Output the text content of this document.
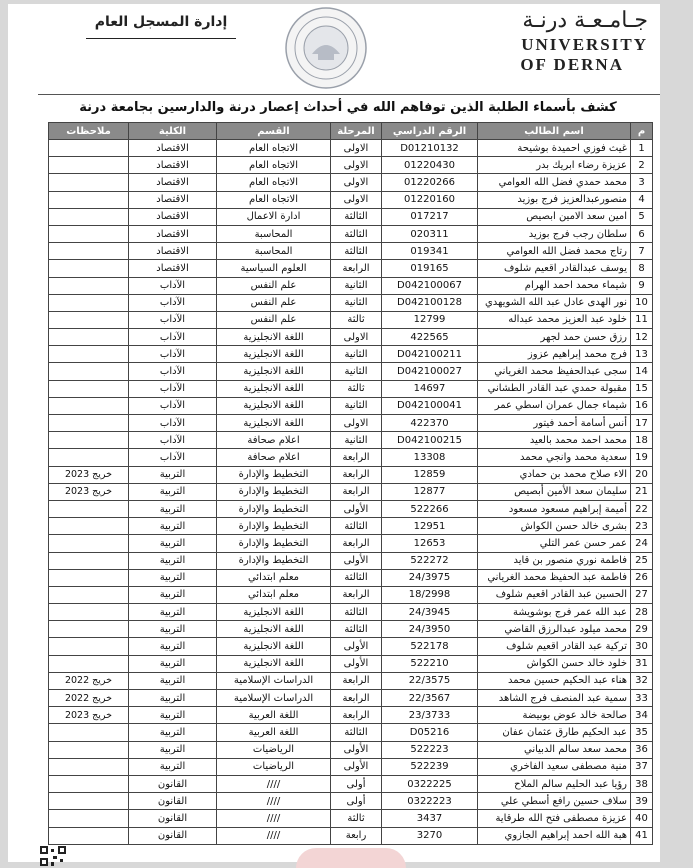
إدارة المسجل العام	جـامـعـة درنـة
UNIVERSITY
OF DERNA
كشف بأسماء الطلبة الذين توفاهم الله في أحداث إعصار درنة والدارسين بجامعة درنة
م	اسم الطالب	الرقم الدراسي	المرحلة	القسم	الكلية	ملاحظات
1	غيث فوزي احميدة بوشيحة	D01210132	الاولى	الاتجاه العام	الاقتصاد	
2	عزيزة رضاء ابريك بدر	01220430	الاولى	الاتجاه العام	الاقتصاد	
3	محمد حمدي فضل الله العوامي	01220266	الاولى	الاتجاه العام	الاقتصاد	
4	منصورعبدالعزيز فرج بوزيد	01220160	الاولى	الاتجاه العام	الاقتصاد	
5	امين سعد الامين ابصيص	017217	الثالثة	ادارة الاعمال	الاقتصاد	
6	سلطان رجب فرج بوزيد	020311	الثالثة	المحاسبة	الاقتصاد	
7	رتاج محمد فضل الله العوامي	019341	الثالثة	المحاسبة	الاقتصاد	
8	يوسف عبدالقادر اقعيم شلوف	019165	الرابعة	العلوم السياسية	الاقتصاد	
9	شيماء محمد احمد الهرام	D042100067	الثانية	علم النفس	الآداب	
10	نور الهدى عادل عبد الله الشويهدي	D042100128	الثانية	علم النفس	الآداب	
11	خلود عبد العزيز محمد عبداله	12799	ثالثة	علم النفس	الآداب	
12	رزق حسن حمد لجهر	422565	الاولى	اللغة الانجليزية	الآداب	
13	فرج محمد إبراهيم عزوز	D042100211	الثانية	اللغة الانجليزية	الآداب	
14	سجى عبدالحفيظ محمد الغرياني	D042100027	الثانية	اللغة الانجليزية	الآداب	
15	مقبولة حمدي عبد القادر الطشاني	14697	ثالثة	اللغة الانجليزية	الآداب	
16	شيماء جمال عمران اسطي عمر	D042100041	الثانية	اللغة الانجليزية	الآداب	
17	أنس أسامة أحمد فيتور	422370	الاولى	اللغة الانجليزية	الآداب	
18	محمد احمد محمد بالعيد	D042100215	الثانية	اعلام صحافة	الآداب	
19	سعدية محمد وانجي محمد	13308	الرابعة	اعلام صحافة	الآداب	
20	الاء صلاح محمد بن حمادي	12859	الرابعة	التخطيط والإدارة	التربية	خريج 2023
21	سليمان سعد الأمين أبصيص	12877	الرابعة	التخطيط والإدارة	التربية	خريج 2023
22	أميمة إبراهيم مسعود مسعود	522266	الأولى	التخطيط والإدارة	التربية	
23	بشرى خالد حسن الكواش	12951	الثالثة	التخطيط والإدارة	التربية	
24	عمر حسن عمر التلي	12653	الرابعة	التخطيط والإدارة	التربية	
25	فاطمة نوري منصور بن قايد	522272	الأولى	التخطيط والإدارة	التربية	
26	فاطمة عبد الحفيظ محمد الغرياني	24/3975	الثالثة	معلم ابتدائي	التربية	
27	الحسين عبد القادر اقعيم شلوف	18/2998	الرابعة	معلم ابتدائي	التربية	
28	عبد الله عمر فرج بوشويشة	24/3945	الثالثة	اللغة الانجليزية	التربية	
29	محمد ميلود عبدالرزق القاضي	24/3950	الثالثة	اللغة الانجليزية	التربية	
30	تركية عبد القادر اقعيم شلوف	522178	الأولى	اللغة الانجليزية	التربية	
31	خلود خالد حسن الكواش	522210	الأولى	اللغة الانجليزية	التربية	
32	هناء عبد الحكيم حسين محمد	22/3575	الرابعة	الدراسات الإسلامية	التربية	خريج 2022
33	سمية عبد المنصف فرج الشاهد	22/3567	الرابعة	الدراسات الإسلامية	التربية	خريج 2022
34	صالحة خالد عوض بوبيضة	23/3733	الرابعة	اللغة العربية	التربية	خريج 2023
35	عبد الحكيم طارق عثمان عفان	D05216	الثالثة	اللغة العربية	التربية	
36	محمد سعد سالم الدبياني	522223	الأولى	الرياضيات	التربية	
37	منية مصطفى سعيد الفاخري	522239	الأولى	الرياضيات	التربية	
38	رؤيا عبد الحليم سالم الملاح	0322225	أولى	////	القانون	
39	سلاف حسين رافع أسطي علي	0322223	أولى	////	القانون	
40	عزيزة مصطفى فتح الله طرقاية	3437	ثالثة	////	القانون	
41	هبة الله احمد إبراهيم الجازوي	3270	رابعة	////	القانون	
